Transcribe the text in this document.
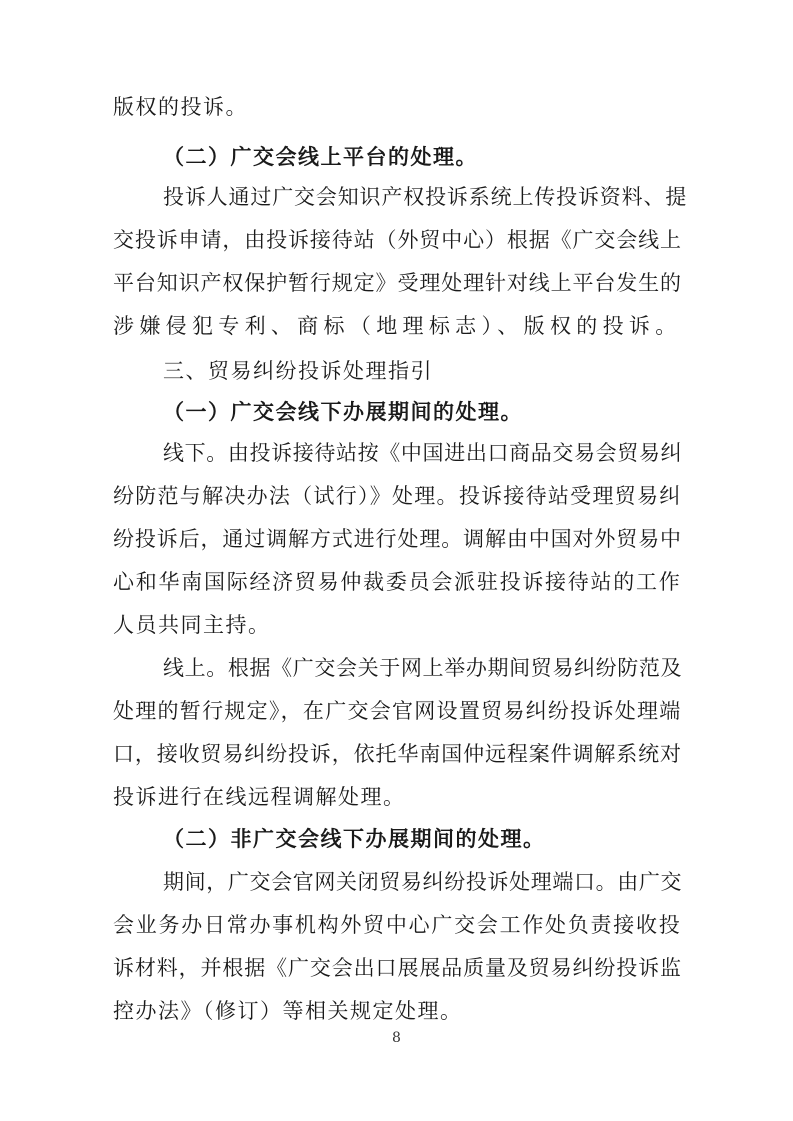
版权的投诉。
（二）广交会线上平台的处理。
投诉人通过广交会知识产权投诉系统上传投诉资料、提
交投诉申请，由投诉接待站（外贸中心）根据《广交会线上
平台知识产权保护暂行规定》受理处理针对线上平台发生的
涉嫌侵犯专利、商标（地理标志）、版权的投诉。
三、贸易纠纷投诉处理指引
（一）广交会线下办展期间的处理。
线下。由投诉接待站按《中国进出口商品交易会贸易纠
纷防范与解决办法（试行）》处理。投诉接待站受理贸易纠
纷投诉后，通过调解方式进行处理。调解由中国对外贸易中
心和华南国际经济贸易仲裁委员会派驻投诉接待站的工作
人员共同主持。
线上。根据《广交会关于网上举办期间贸易纠纷防范及
处理的暂行规定》，在广交会官网设置贸易纠纷投诉处理端
口，接收贸易纠纷投诉，依托华南国仲远程案件调解系统对
投诉进行在线远程调解处理。
（二）非广交会线下办展期间的处理。
期间，广交会官网关闭贸易纠纷投诉处理端口。由广交
会业务办日常办事机构外贸中心广交会工作处负责接收投
诉材料，并根据《广交会出口展展品质量及贸易纠纷投诉监
控办法》（修订）等相关规定处理。
8
